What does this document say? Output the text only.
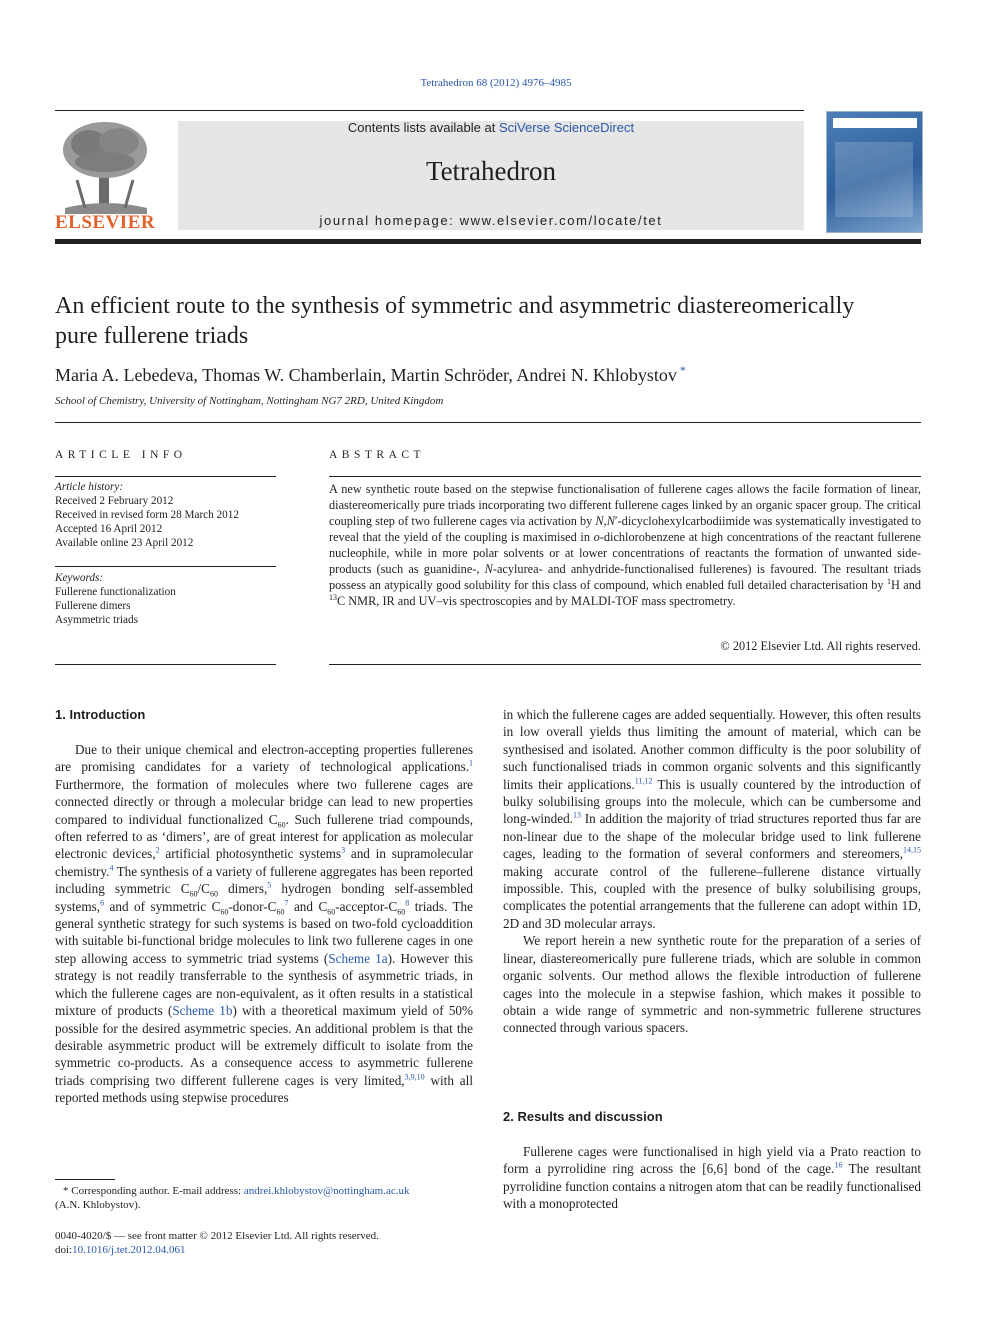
Tetrahedron 68 (2012) 4976–4985
ELSEVIER
Contents lists available at SciVerse ScienceDirect
Tetrahedron
journal homepage: www.elsevier.com/locate/tet
Tetrahedron
An efficient route to the synthesis of symmetric and asymmetric diastereomerically pure fullerene triads
Maria A. Lebedeva, Thomas W. Chamberlain, Martin Schröder, Andrei N. Khlobystov *
School of Chemistry, University of Nottingham, Nottingham NG7 2RD, United Kingdom
ARTICLE INFO
Article history:
Received 2 February 2012
Received in revised form 28 March 2012
Accepted 16 April 2012
Available online 23 April 2012
Keywords:
Fullerene functionalization
Fullerene dimers
Asymmetric triads
ABSTRACT
A new synthetic route based on the stepwise functionalisation of fullerene cages allows the facile formation of linear, diastereomerically pure triads incorporating two different fullerene cages linked by an organic spacer group. The critical coupling step of two fullerene cages via activation by N,N′-dicyclohexylcarbodiimide was systematically investigated to reveal that the yield of the coupling is maximised in o-dichlorobenzene at high concentrations of the reactant fullerene nucleophile, while in more polar solvents or at lower concentrations of reactants the formation of unwanted side-products (such as guanidine-, N-acylurea- and anhydride-functionalised fullerenes) is favoured. The resultant triads possess an atypically good solubility for this class of compound, which enabled full detailed characterisation by $^1$H and $^{13}$C NMR, IR and UV–vis spectroscopies and by MALDI-TOF mass spectrometry.
© 2012 Elsevier Ltd. All rights reserved.
1. Introduction

Due to their unique chemical and electron-accepting properties fullerenes are promising candidates for a variety of technological applications.$^1$ Furthermore, the formation of molecules where two fullerene cages are connected directly or through a molecular bridge can lead to new properties compared to individual functionalized $C_{60}$. Such fullerene triad compounds, often referred to as ‘dimers’, are of great interest for application as molecular electronic devices,$^2$ artificial photosynthetic systems$^3$ and in supramolecular chemistry.$^4$ The synthesis of a variety of fullerene aggregates has been reported including symmetric $C_{60}/C_{60}$ dimers,$^5$ hydrogen bonding self-assembled systems,$^6$ and of symmetric $C_{60}-donor-C_{60}^7$ and $C_{60}-acceptor-C_{60}^8$ triads. The general synthetic strategy for such systems is based on two-fold cycloaddition with suitable bi-functional bridge molecules to link two fullerene cages in one step allowing access to symmetric triad systems (Scheme 1a). However this strategy is not readily transferrable to the synthesis of asymmetric triads, in which the fullerene cages are non-equivalent, as it often results in a statistical mixture of products (Scheme 1b) with a theoretical maximum yield of 50% possible for the desired asymmetric species. An additional problem is that the desirable asymmetric product will be extremely difficult to isolate from the symmetric co-products. As a consequence access to asymmetric fullerene triads comprising two different fullerene cages is very limited,$^{3,9,10}$ with all reported methods using stepwise procedures

* Corresponding author. E-mail address: andrei.khlobystov@nottingham.ac.uk
(A.N. Khlobystov).
0040-4020/$ — see front matter © 2012 Elsevier Ltd. All rights reserved.
doi:10.1016/j.tet.2012.04.061

in which the fullerene cages are added sequentially. However, this often results in low overall yields thus limiting the amount of material, which can be synthesised and isolated. Another common difficulty is the poor solubility of such functionalised triads in common organic solvents and this significantly limits their applications.$^{11,12}$ This is usually countered by the introduction of bulky solubilising groups into the molecule, which can be cumbersome and long-winded.$^{13}$ In addition the majority of triad structures reported thus far are non-linear due to the shape of the molecular bridge used to link fullerene cages, leading to the formation of several conformers and stereomers,$^{14,15}$ making accurate control of the fullerene–fullerene distance virtually impossible. This, coupled with the presence of bulky solubilising groups, complicates the potential arrangements that the fullerene can adopt within 1D, 2D and 3D molecular arrays.

We report herein a new synthetic route for the preparation of a series of linear, diastereomerically pure fullerene triads, which are soluble in common organic solvents. Our method allows the flexible introduction of fullerene cages into the molecule in a stepwise fashion, which makes it possible to obtain a wide range of symmetric and non-symmetric fullerene structures connected through various spacers.

2. Results and discussion

Fullerene cages were functionalised in high yield via a Prato reaction to form a pyrrolidine ring across the [6,6] bond of the cage.$^{16}$ The resultant pyrrolidine function contains a nitrogen atom that can be readily functionalised with a monoprotected
